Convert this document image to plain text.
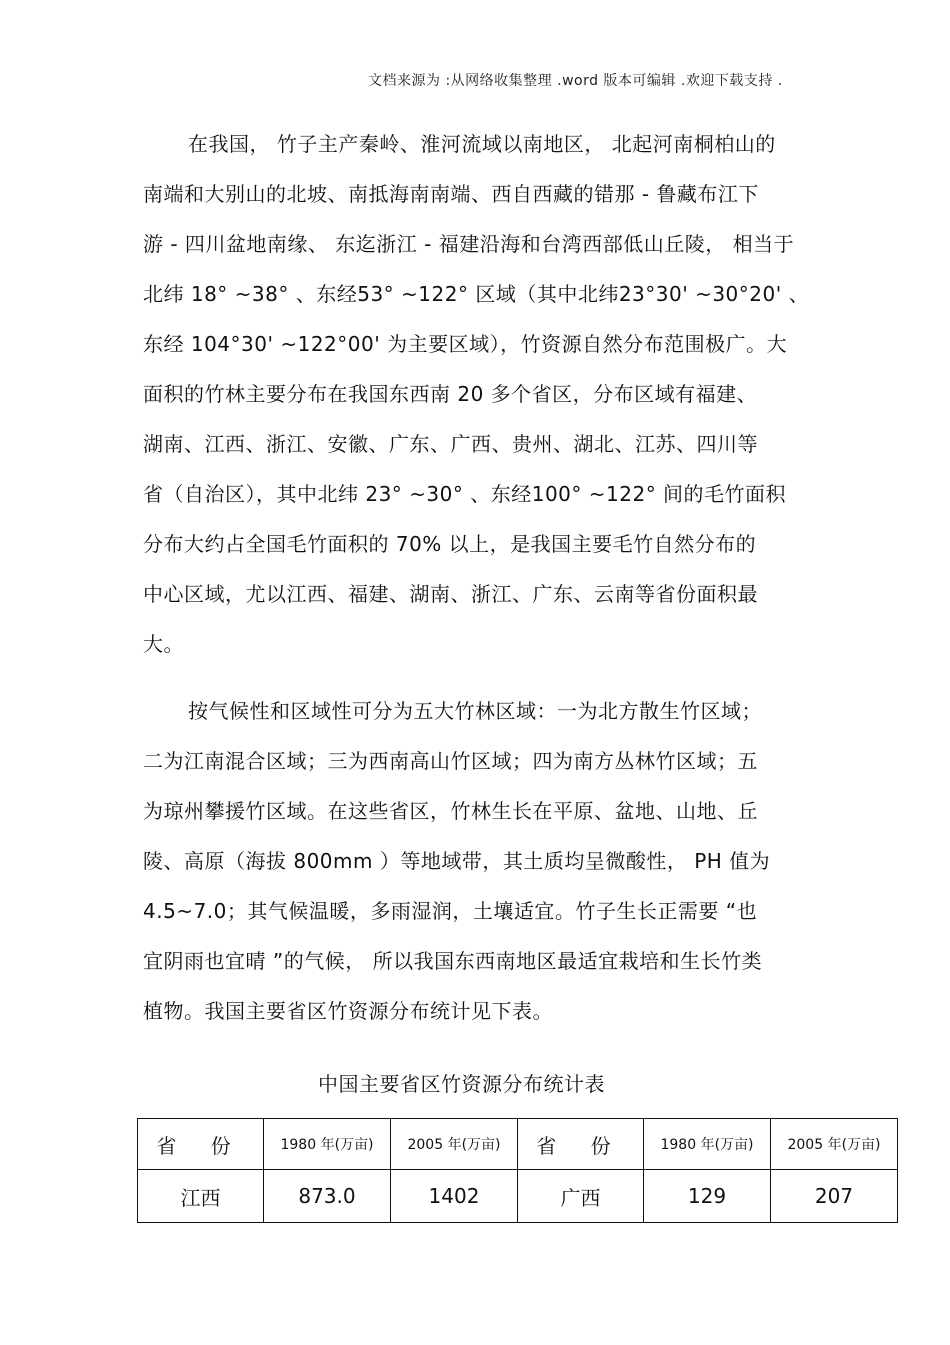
文档来源为 :从网络收集整理 .word 版本可编辑 .欢迎下载支持 .
在我国， 竹子主产秦岭、淮河流域以南地区， 北起河南桐柏山的
南端和大别山的北坡、南抵海南南端、西自西藏的错那 - 鲁藏布江下
游 - 四川盆地南缘、 东迄浙江 - 福建沿海和台湾西部低山丘陵， 相当于
北纬 18° ~38° 、东经53° ~122° 区域（其中北纬23°30' ~30°20' 、
东经 104°30' ~122°00' 为主要区域），竹资源自然分布范围极广。大
面积的竹林主要分布在我国东西南 20 多个省区，分布区域有福建、
湖南、江西、浙江、安徽、广东、广西、贵州、湖北、江苏、四川等
省（自治区），其中北纬 23° ~30° 、东经100° ~122° 间的毛竹面积
分布大约占全国毛竹面积的 70% 以上，是我国主要毛竹自然分布的
中心区域，尤以江西、福建、湖南、浙江、广东、云南等省份面积最
大。
按气候性和区域性可分为五大竹林区域：一为北方散生竹区域；
二为江南混合区域；三为西南高山竹区域；四为南方丛林竹区域；五
为琼州攀援竹区域。在这些省区，竹林生长在平原、盆地、山地、丘
陵、高原（海拔 800mm ）等地域带，其土质均呈微酸性， PH 值为
4.5~7.0；其气候温暖，多雨湿润，土壤适宜。竹子生长正需要 “也
宜阴雨也宜晴 ”的气候， 所以我国东西南地区最适宜栽培和生长竹类
植物。我国主要省区竹资源分布统计见下表。
中国主要省区竹资源分布统计表
省 份	1980 年(万亩)	2005 年(万亩)	省 份	1980 年(万亩)	2005 年(万亩)
江西	873.0	1402	广西	129	207
